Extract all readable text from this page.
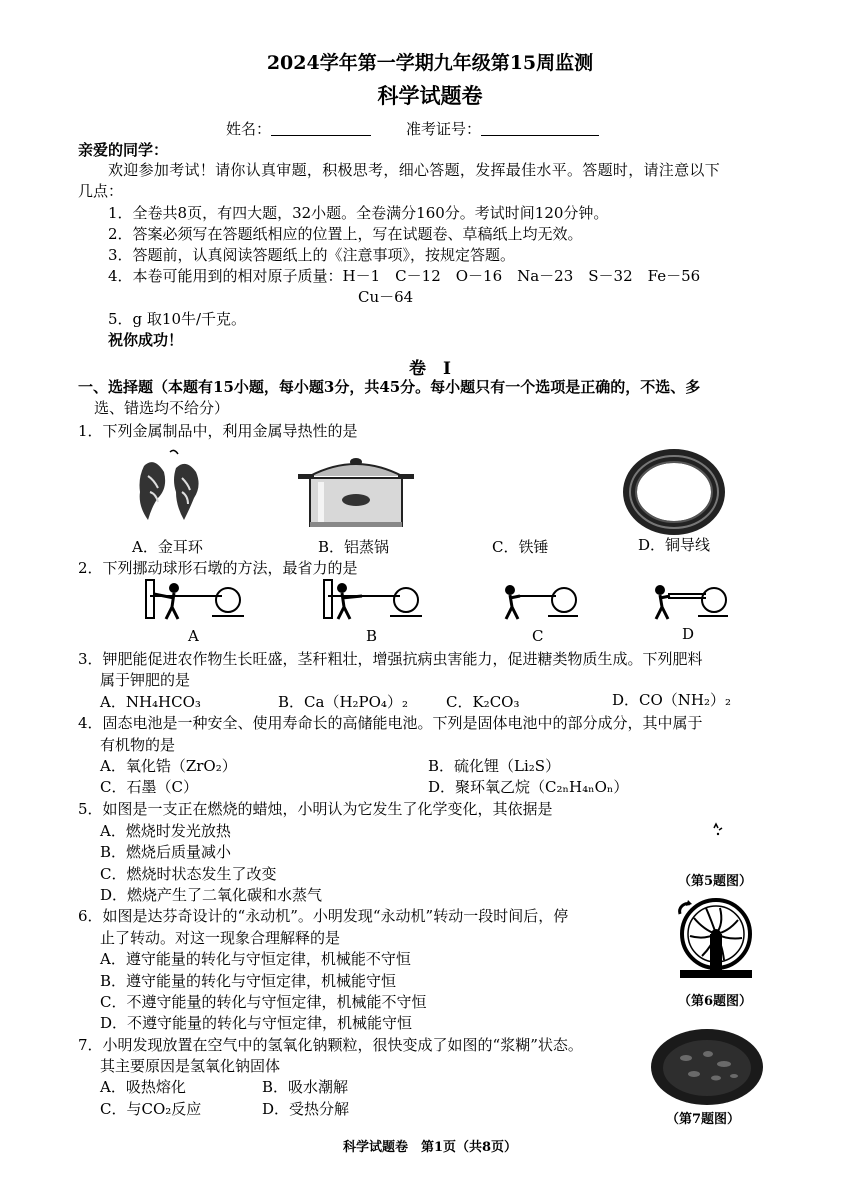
2024学年第一学期九年级第15周监测
科学试题卷
姓名：	准考证号：
亲爱的同学：
欢迎参加考试！请你认真审题，积极思考，细心答题，发挥最佳水平。答题时，请注意以下
几点：
1．全卷共8页，有四大题，32小题。全卷满分160分。考试时间120分钟。
2．答案必须写在答题纸相应的位置上，写在试题卷、草稿纸上均无效。
3．答题前，认真阅读答题纸上的《注意事项》，按规定答题。
4．本卷可能用到的相对原子质量：H－1　C－12　O－16　Na－23　S－32　Fe－56
Cu－64
5．g 取10牛/千克。
祝你成功！
卷　I
一、选择题（本题有15小题，每小题3分，共45分。每小题只有一个选项是正确的，不选、多
选、错选均不给分）
1．下列金属制品中，利用金属导热性的是
A．金耳环	B．铝蒸锅	C．铁锤	D．铜导线
2．下列挪动球形石墩的方法，最省力的是
A	B	C	D
3．钾肥能促进农作物生长旺盛，茎秆粗壮，增强抗病虫害能力，促进糖类物质生成。下列肥料
属于钾肥的是
A．NH₄HCO₃	B．Ca（H₂PO₄）₂	C．K₂CO₃	D．CO（NH₂）₂
4．固态电池是一种安全、使用寿命长的高储能电池。下列是固体电池中的部分成分，其中属于
有机物的是
A．氧化锆（ZrO₂）	B．硫化锂（Li₂S）
C．石墨（C）	D．聚环氧乙烷（C₂ₙH₄ₙOₙ）
5．如图是一支正在燃烧的蜡烛，小明认为它发生了化学变化，其依据是
A．燃烧时发光放热
B．燃烧后质量减小
C．燃烧时状态发生了改变
D．燃烧产生了二氧化碳和水蒸气
（第5题图）
6．如图是达芬奇设计的“永动机”。小明发现“永动机”转动一段时间后，停
止了转动。对这一现象合理解释的是
A．遵守能量的转化与守恒定律，机械能不守恒
B．遵守能量的转化与守恒定律，机械能守恒
C．不遵守能量的转化与守恒定律，机械能不守恒
D．不遵守能量的转化与守恒定律，机械能守恒
（第6题图）
7．小明发现放置在空气中的氢氧化钠颗粒，很快变成了如图的“浆糊”状态。
其主要原因是氢氧化钠固体
A．吸热熔化	B．吸水潮解
C．与CO₂反应	D．受热分解
（第7题图）
科学试题卷　第1页（共8页）
